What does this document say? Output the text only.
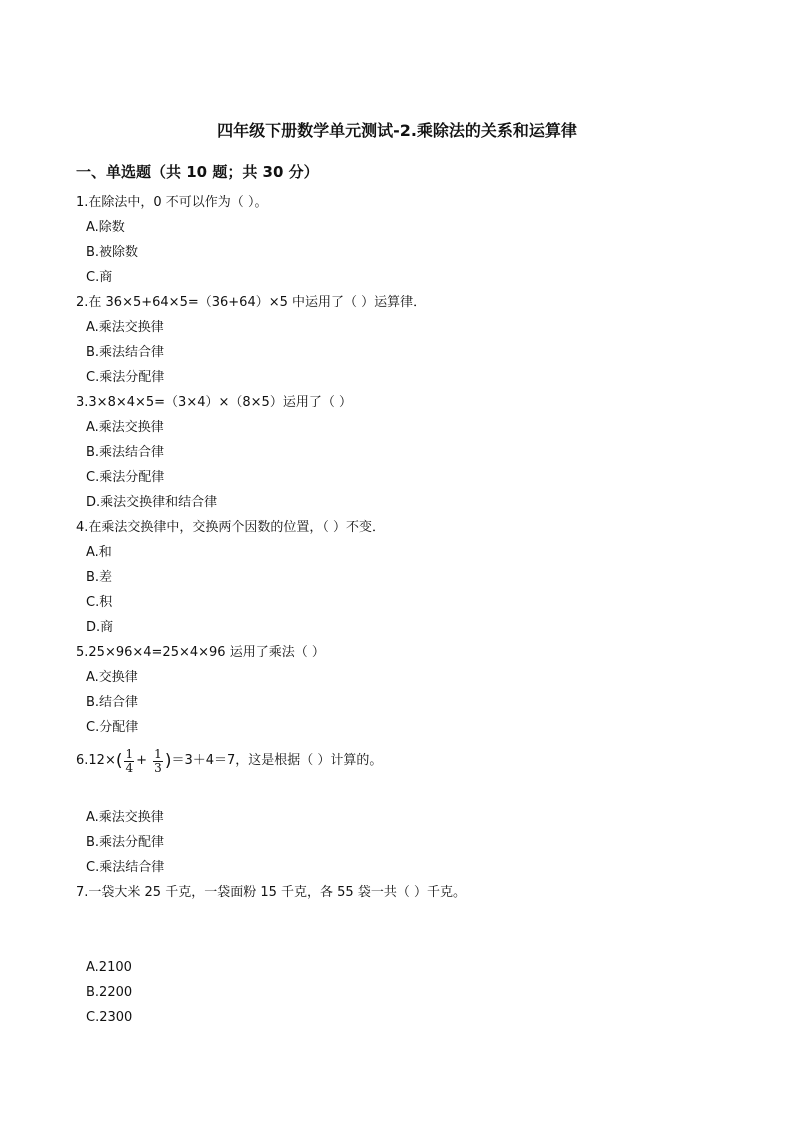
四年级下册数学单元测试-2.乘除法的关系和运算律
一、单选题（共 10 题；共 30 分）
1.在除法中，0 不可以作为（ ）。
A.除数
B.被除数
C.商
2.在 36×5+64×5=（36+64）×5 中运用了（ ）运算律．
A.乘法交换律
B.乘法结合律
C.乘法分配律
3.3×8×4×5=（3×4）×（8×5）运用了（ ）
A.乘法交换律
B.乘法结合律
C.乘法分配律
D.乘法交换律和结合律
4.在乘法交换律中，交换两个因数的位置，（ ）不变．
A.和
B.差
C.积
D.商
5.25×96×4=25×4×96 运用了乘法（ ）
A.交换律
B.结合律
C.分配律
$6.12\times( \frac{1}{4} + \frac{1}{3} )=3+4=7$，这是根据（ ）计算的。
A.乘法交换律
B.乘法分配律
C.乘法结合律
7.一袋大米 25 千克，一袋面粉 15 千克，各 55 袋一共（ ）千克。
A.2100
B.2200
C.2300
